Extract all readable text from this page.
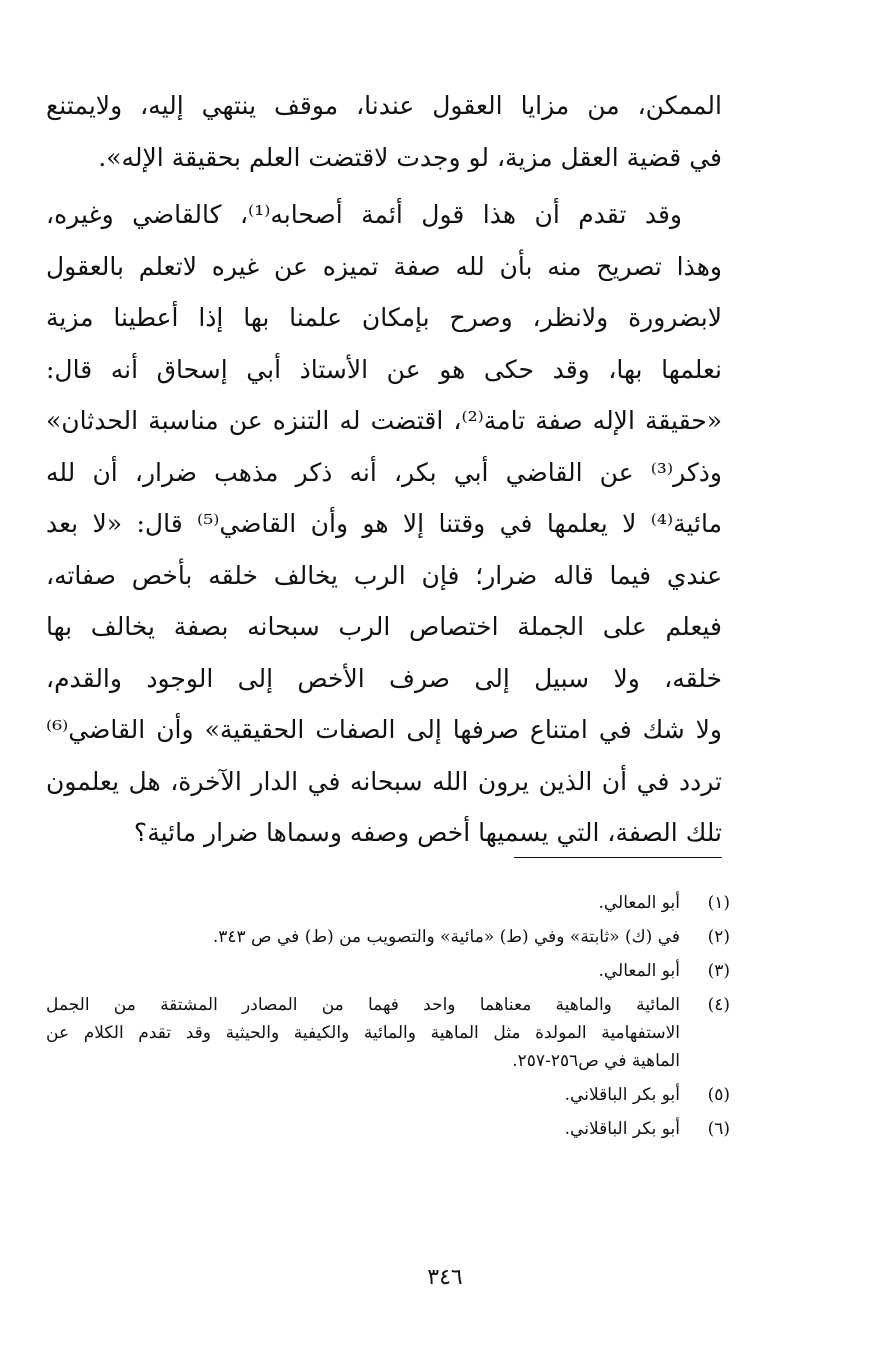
الممكن، من مزايا العقول عندنا، موقف ينتهي إليه، ولايمتنع
في قضية العقل مزية، لو وجدت لاقتضت العلم بحقيقة الإله».
وقد تقدم أن هذا قول أئمة أصحابه⁽¹⁾، كالقاضي وغيره،
وهذا تصريح منه بأن لله صفة تميزه عن غيره لاتعلم بالعقول
لابضرورة ولانظر، وصرح بإمكان علمنا بها إذا أعطينا مزية
نعلمها بها، وقد حكى هو عن الأستاذ أبي إسحاق أنه قال:
«حقيقة الإله صفة تامة⁽²⁾، اقتضت له التنزه عن مناسبة الحدثان»
وذكر⁽³⁾ عن القاضي أبي بكر، أنه ذكر مذهب ضرار، أن لله
مائية⁽⁴⁾ لا يعلمها في وقتنا إلا هو وأن القاضي⁽⁵⁾ قال: «لا بعد
عندي فيما قاله ضرار؛ فإن الرب يخالف خلقه بأخص صفاته،
فيعلم على الجملة اختصاص الرب سبحانه بصفة يخالف بها
خلقه، ولا سبيل إلى صرف الأخص إلى الوجود والقدم،
ولا شك في امتناع صرفها إلى الصفات الحقيقية» وأن القاضي⁽⁶⁾
تردد في أن الذين يرون الله سبحانه في الدار الآخرة، هل يعلمون
تلك الصفة، التي يسميها أخص وصفه وسماها ضرار مائية؟
(١)
أبو المعالي.
(٢)
في (ك) «ثابتة» وفي (ط) «مائية» والتصويب من (ط) في ص ٣٤٣.
(٣)
أبو المعالي.
(٤)
المائية والماهية معناهما واحد فهما من المصادر المشتقة من الجمل
الاستفهامية المولدة مثل الماهية والمائية والكيفية والحيثية وقد تقدم الكلام عن
الماهية في ص٢٥٦-٢٥٧.
(٥)
أبو بكر الباقلاني.
(٦)
أبو بكر الباقلاني.
٣٤٦
